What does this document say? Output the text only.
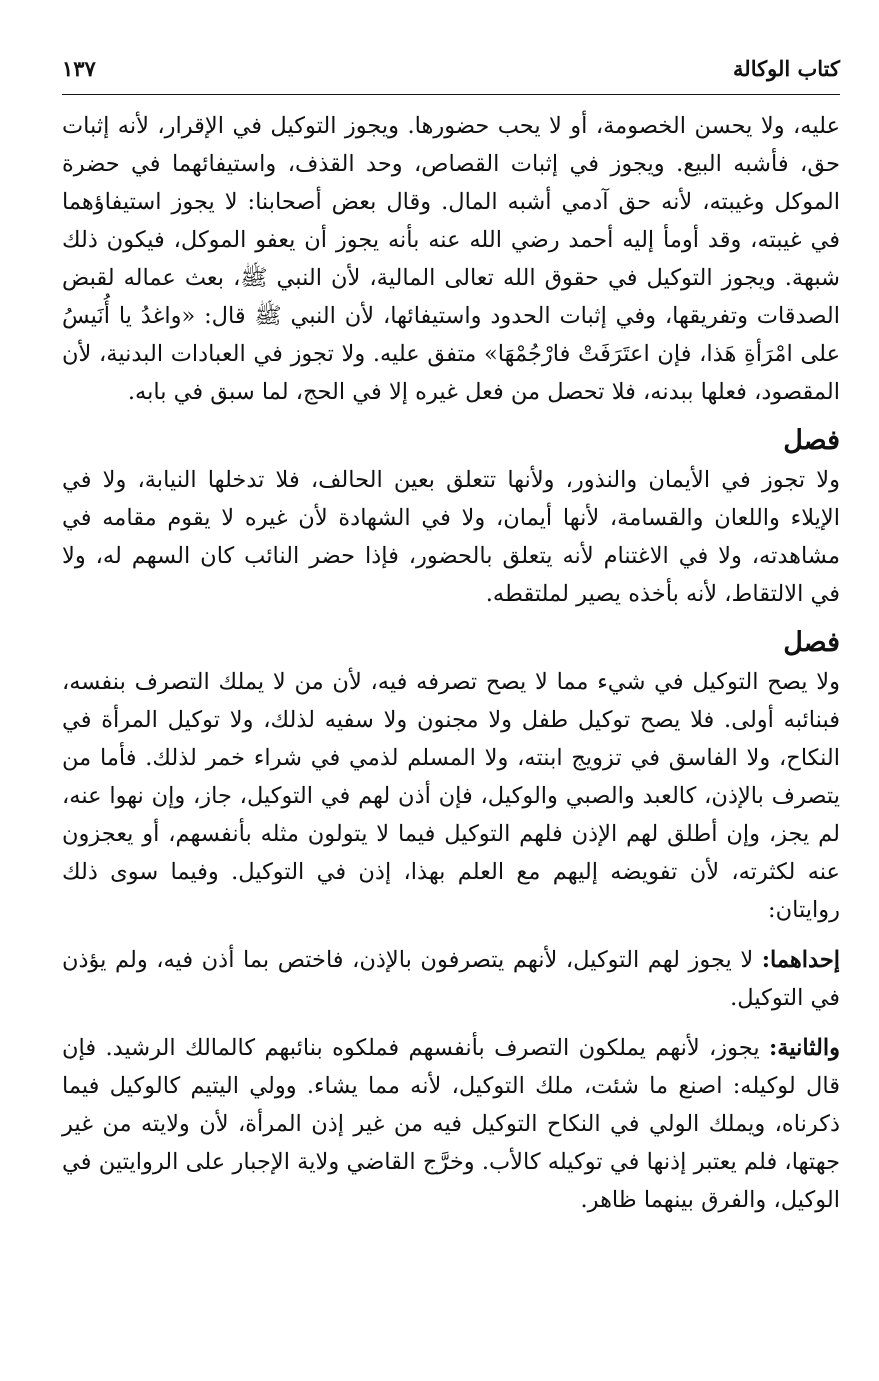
كتاب الوكالة
١٣٧

عليه، ولا يحسن الخصومة، أو لا يحب حضورها. ويجوز التوكيل في الإقرار، لأنه إثبات حق، فأشبه البيع. ويجوز في إثبات القصاص، وحد القذف، واستيفائهما في حضرة الموكل وغيبته، لأنه حق آدمي أشبه المال. وقال بعض أصحابنا: لا يجوز استيفاؤهما في غيبته، وقد أومأ إليه أحمد رضي الله عنه بأنه يجوز أن يعفو الموكل، فيكون ذلك شبهة. ويجوز التوكيل في حقوق الله تعالى المالية، لأن النبي ﷺ، بعث عماله لقبض الصدقات وتفريقها، وفي إثبات الحدود واستيفائها، لأن النبي ﷺ قال: «واغدُ يا أُنَيسُ على امْرَأةِ هَذا، فإن اعتَرَفَتْ فارْجُمْهَا» متفق عليه. ولا تجوز في العبادات البدنية، لأن المقصود، فعلها ببدنه، فلا تحصل من فعل غيره إلا في الحج، لما سبق في بابه.

فصل

ولا تجوز في الأيمان والنذور، ولأنها تتعلق بعين الحالف، فلا تدخلها النيابة، ولا في الإيلاء واللعان والقسامة، لأنها أيمان، ولا في الشهادة لأن غيره لا يقوم مقامه في مشاهدته، ولا في الاغتنام لأنه يتعلق بالحضور، فإذا حضر النائب كان السهم له، ولا في الالتقاط، لأنه بأخذه يصير لملتقطه.

فصل

ولا يصح التوكيل في شيء مما لا يصح تصرفه فيه، لأن من لا يملك التصرف بنفسه، فبنائبه أولى. فلا يصح توكيل طفل ولا مجنون ولا سفيه لذلك، ولا توكيل المرأة في النكاح، ولا الفاسق في تزويج ابنته، ولا المسلم لذمي في شراء خمر لذلك. فأما من يتصرف بالإذن، كالعبد والصبي والوكيل، فإن أذن لهم في التوكيل، جاز، وإن نهوا عنه، لم يجز، وإن أطلق لهم الإذن فلهم التوكيل فيما لا يتولون مثله بأنفسهم، أو يعجزون عنه لكثرته، لأن تفويضه إليهم مع العلم بهذا، إذن في التوكيل. وفيما سوى ذلك روايتان:

إحداهما: لا يجوز لهم التوكيل، لأنهم يتصرفون بالإذن، فاختص بما أذن فيه، ولم يؤذن في التوكيل.

والثانية: يجوز، لأنهم يملكون التصرف بأنفسهم فملكوه بنائبهم كالمالك الرشيد. فإن قال لوكيله: اصنع ما شئت، ملك التوكيل، لأنه مما يشاء. وولي اليتيم كالوكيل فيما ذكرناه، ويملك الولي في النكاح التوكيل فيه من غير إذن المرأة، لأن ولايته من غير جهتها، فلم يعتبر إذنها في توكيله كالأب. وخرَّج القاضي ولاية الإجبار على الروايتين في الوكيل، والفرق بينهما ظاهر.
